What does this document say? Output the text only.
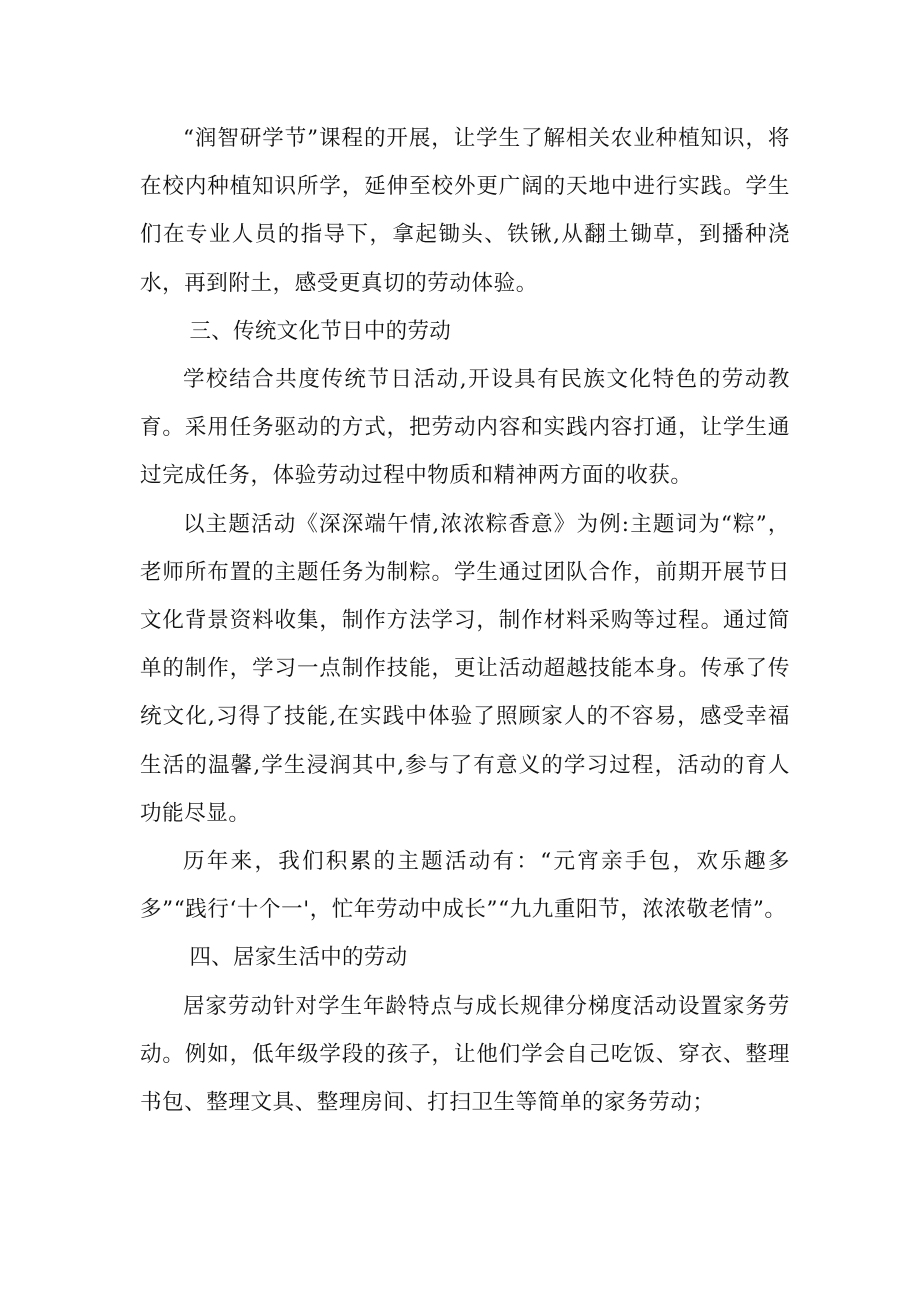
“润智研学节”课程的开展，让学生了解相关农业种植知识，将在校内种植知识所学，延伸至校外更广阔的天地中进行实践。学生们在专业人员的指导下，拿起锄头、铁锹,从翻土锄草，到播种浇水，再到附土，感受更真切的劳动体验。

三、传统文化节日中的劳动

学校结合共度传统节日活动,开设具有民族文化特色的劳动教育。采用任务驱动的方式，把劳动内容和实践内容打通，让学生通过完成任务，体验劳动过程中物质和精神两方面的收获。

以主题活动《深深端午情,浓浓粽香意》为例:主题词为“粽”，老师所布置的主题任务为制粽。学生通过团队合作，前期开展节日文化背景资料收集，制作方法学习，制作材料采购等过程。通过简单的制作，学习一点制作技能，更让活动超越技能本身。传承了传统文化,习得了技能,在实践中体验了照顾家人的不容易，感受幸福生活的温馨,学生浸润其中,参与了有意义的学习过程，活动的育人功能尽显。

历年来，我们积累的主题活动有：“元宵亲手包，欢乐趣多多”“践行‘十个一'，忙年劳动中成长”“九九重阳节，浓浓敬老情”。

四、居家生活中的劳动

居家劳动针对学生年龄特点与成长规律分梯度活动设置家务劳动。例如，低年级学段的孩子，让他们学会自己吃饭、穿衣、整理书包、整理文具、整理房间、打扫卫生等简单的家务劳动；
